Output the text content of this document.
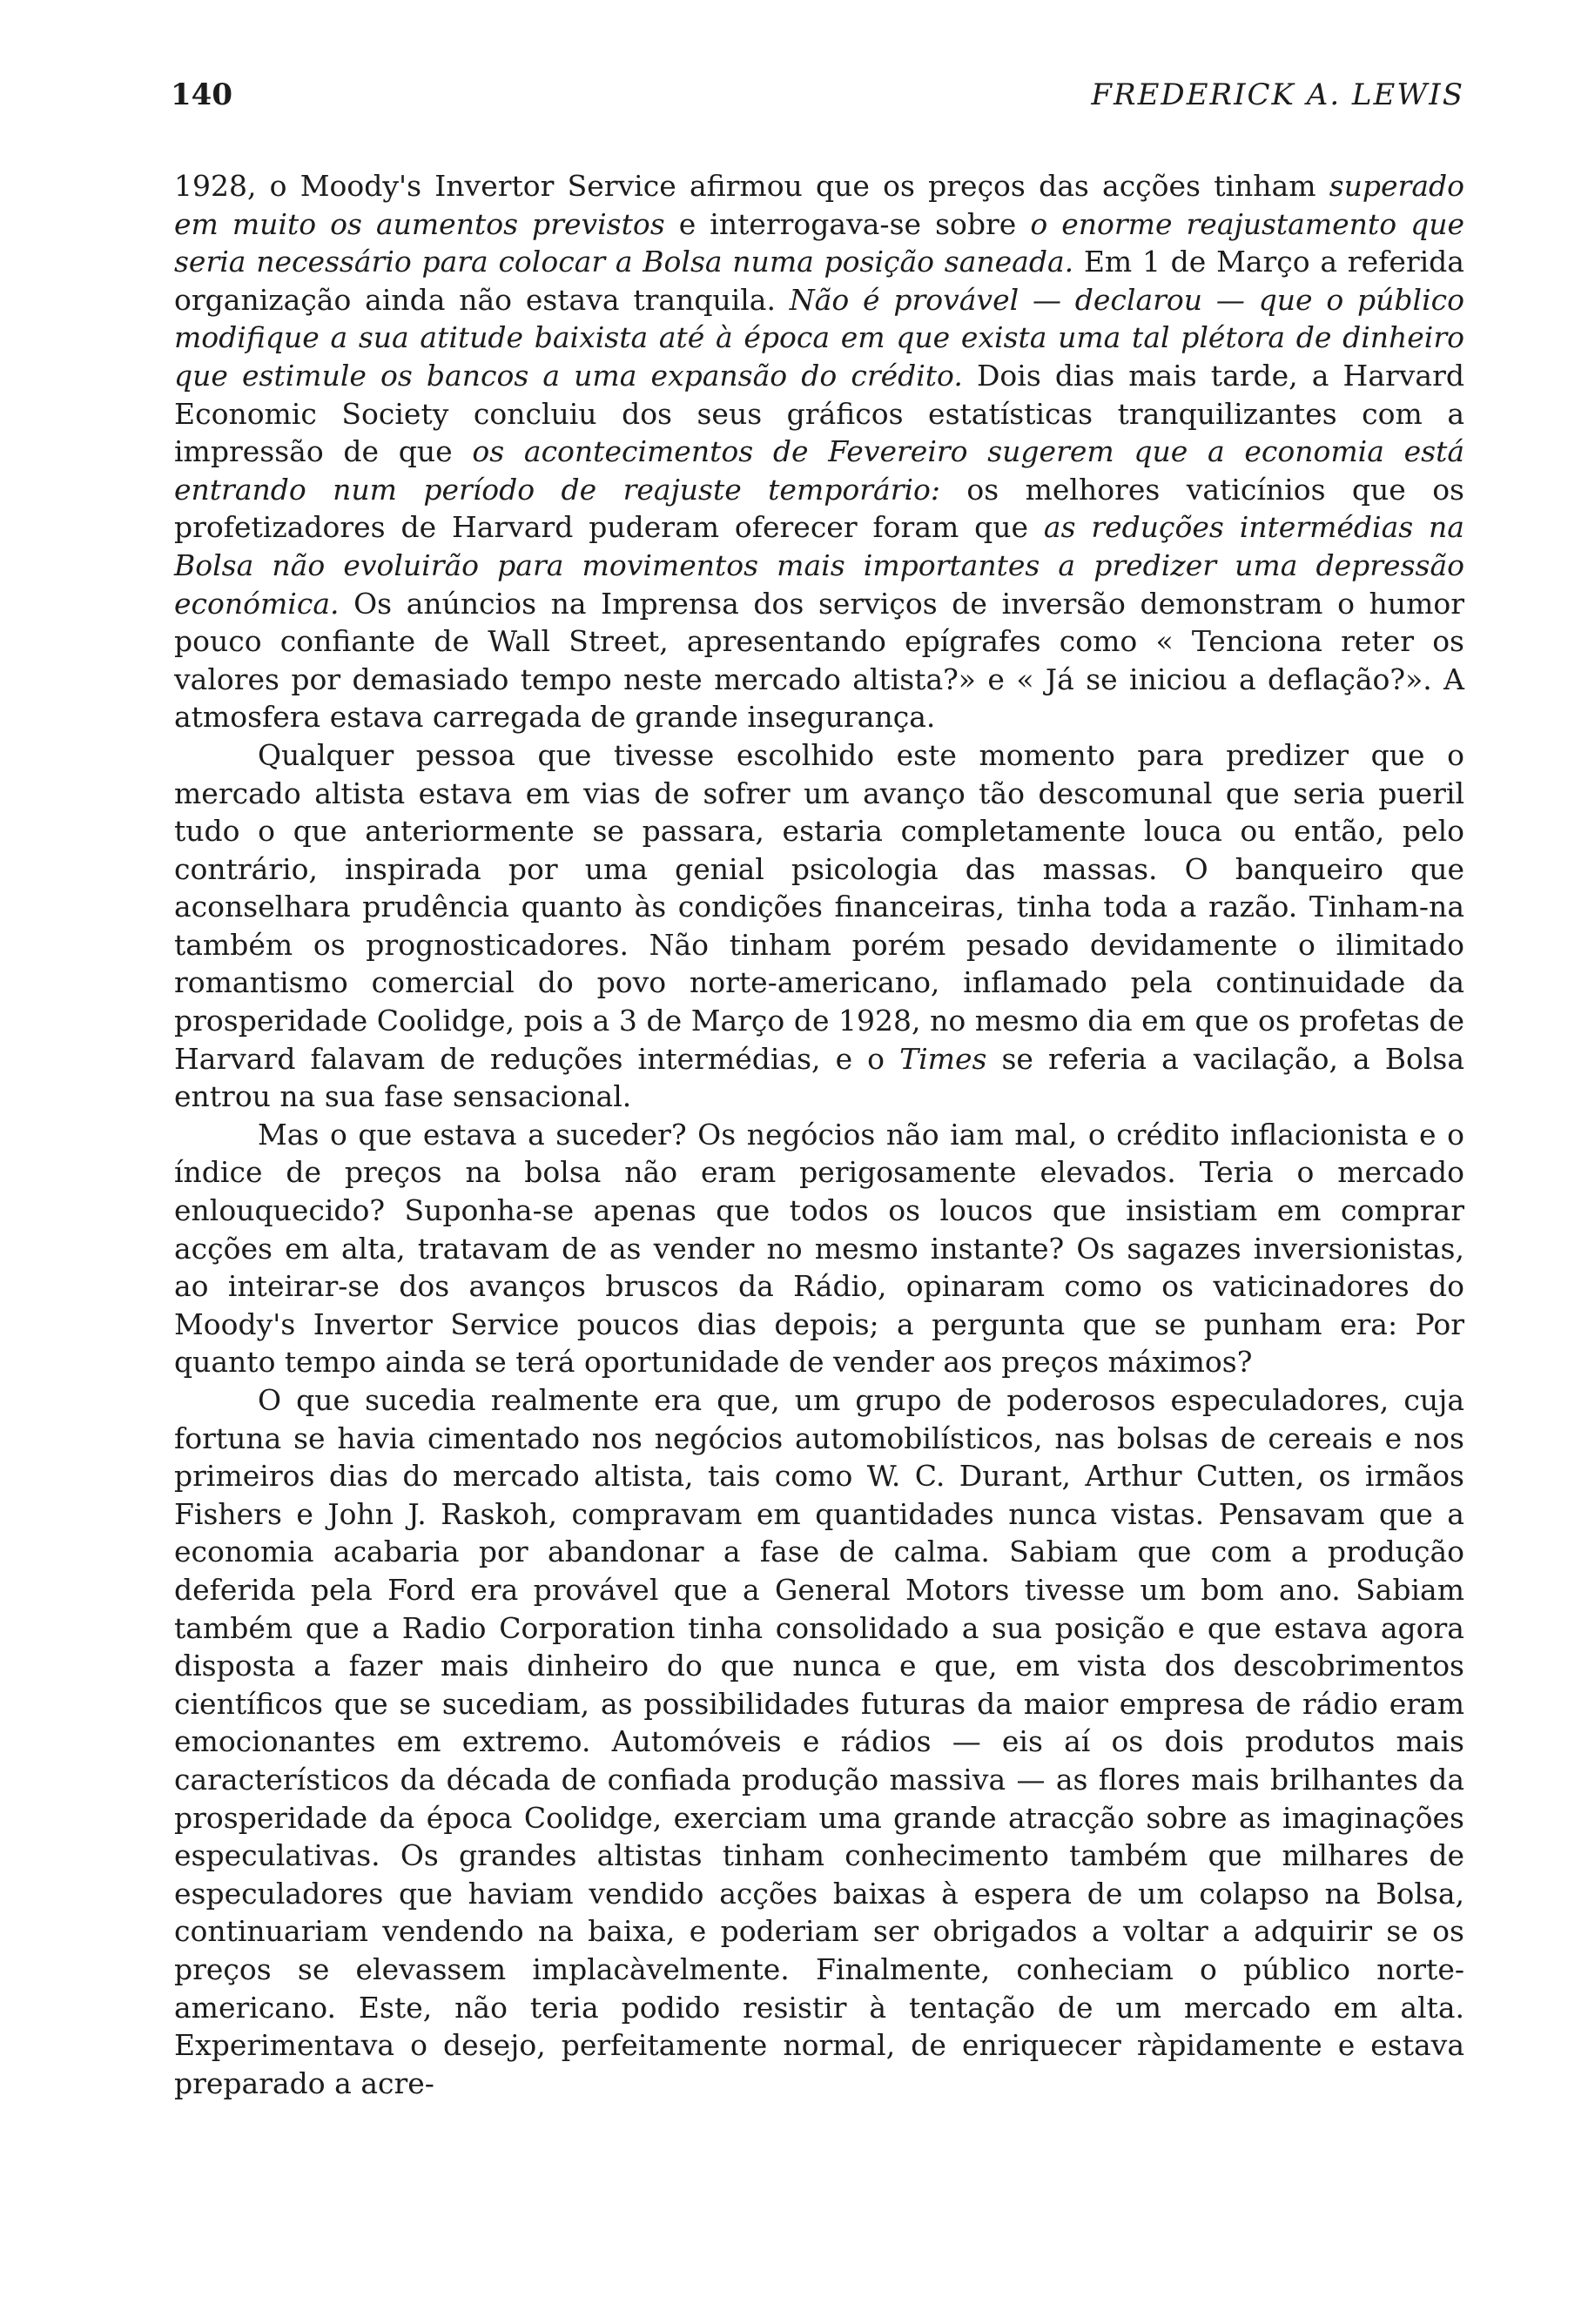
140	FREDERICK A. LEWIS

1928, o Moody's Invertor Service afirmou que os preços das acções tinham superado em muito os aumentos previstos e interrogava-se sobre o enorme reajustamento que seria necessário para colocar a Bolsa numa posição saneada. Em 1 de Março a referida organização ainda não estava tranquila. Não é provável — declarou — que o público modifique a sua atitude baixista até à época em que exista uma tal plétora de dinheiro que estimule os bancos a uma expansão do crédito. Dois dias mais tarde, a Harvard Economic Society concluiu dos seus gráficos estatísticas tranquilizantes com a impressão de que os acontecimentos de Fevereiro sugerem que a economia está entrando num período de reajuste temporário: os melhores vaticínios que os profetizadores de Harvard puderam oferecer foram que as reduções intermédias na Bolsa não evoluirão para movimentos mais importantes a predizer uma depressão económica. Os anúncios na Imprensa dos serviços de inversão demonstram o humor pouco confiante de Wall Street, apresentando epígrafes como « Tenciona reter os valores por demasiado tempo neste mercado altista?» e « Já se iniciou a deflação?». A atmosfera estava carregada de grande insegurança.

Qualquer pessoa que tivesse escolhido este momento para predizer que o mercado altista estava em vias de sofrer um avanço tão descomunal que seria pueril tudo o que anteriormente se passara, estaria completamente louca ou então, pelo contrário, inspirada por uma genial psicologia das massas. O banqueiro que aconselhara prudência quanto às condições financeiras, tinha toda a razão. Tinham-na também os prognosticadores. Não tinham porém pesado devidamente o ilimitado romantismo comercial do povo norte-americano, inflamado pela continuidade da prosperidade Coolidge, pois a 3 de Março de 1928, no mesmo dia em que os profetas de Harvard falavam de reduções intermédias, e o Times se referia a vacilação, a Bolsa entrou na sua fase sensacional.

Mas o que estava a suceder? Os negócios não iam mal, o crédito inflacionista e o índice de preços na bolsa não eram perigosamente elevados. Teria o mercado enlouquecido? Suponha-se apenas que todos os loucos que insistiam em comprar acções em alta, tratavam de as vender no mesmo instante? Os sagazes inversionistas, ao inteirar-se dos avanços bruscos da Rádio, opinaram como os vaticinadores do Moody's Invertor Service poucos dias depois; a pergunta que se punham era: Por quanto tempo ainda se terá oportunidade de vender aos preços máximos?

O que sucedia realmente era que, um grupo de poderosos especuladores, cuja fortuna se havia cimentado nos negócios automobilísticos, nas bolsas de cereais e nos primeiros dias do mercado altista, tais como W. C. Durant, Arthur Cutten, os irmãos Fishers e John J. Raskoh, compravam em quantidades nunca vistas. Pensavam que a economia acabaria por abandonar a fase de calma. Sabiam que com a produção deferida pela Ford era provável que a General Motors tivesse um bom ano. Sabiam também que a Radio Corporation tinha consolidado a sua posição e que estava agora disposta a fazer mais dinheiro do que nunca e que, em vista dos descobrimentos científicos que se sucediam, as possibilidades futuras da maior empresa de rádio eram emocionantes em extremo. Automóveis e rádios — eis aí os dois produtos mais característicos da década de confiada produção massiva — as flores mais brilhantes da prosperidade da época Coolidge, exerciam uma grande atracção sobre as imaginações especulativas. Os grandes altistas tinham conhecimento também que milhares de especuladores que haviam vendido acções baixas à espera de um colapso na Bolsa, continuariam vendendo na baixa, e poderiam ser obrigados a voltar a adquirir se os preços se elevassem implacàvelmente. Finalmente, conheciam o público norte-americano. Este, não teria podido resistir à tentação de um mercado em alta. Experimentava o desejo, perfeitamente normal, de enriquecer ràpidamente e estava preparado a acre-
